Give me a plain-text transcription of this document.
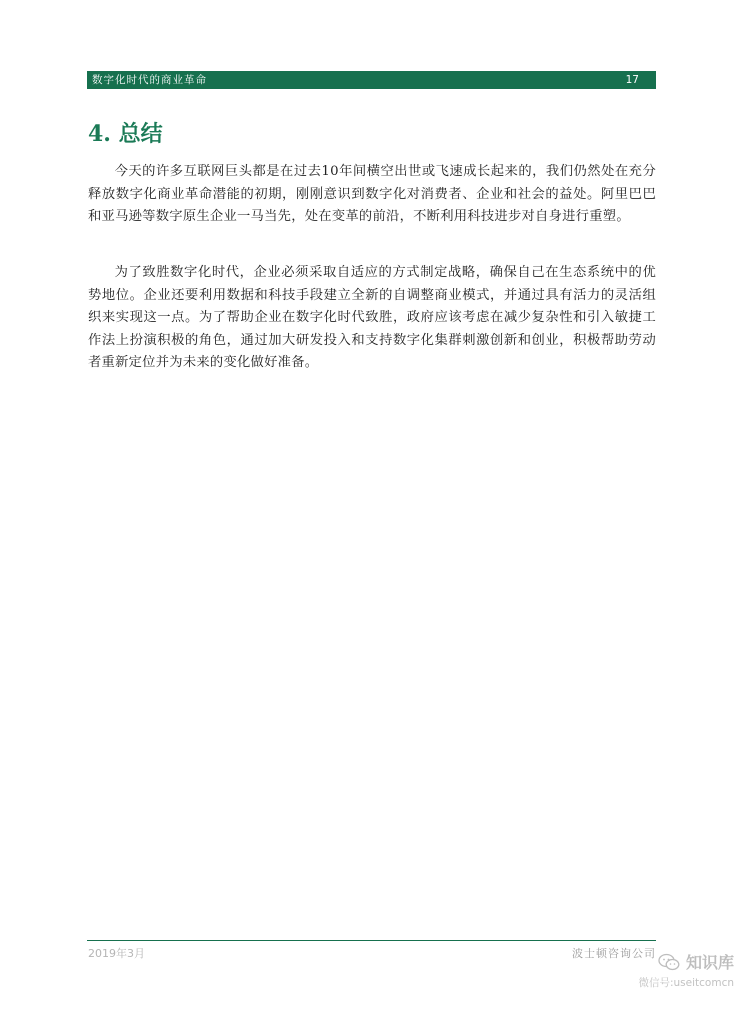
数字化时代的商业革命	17
4. 总结

今天的许多互联网巨头都是在过去10年间横空出世或飞速成长起来的，我们仍然处在充分释放数字化商业革命潜能的初期，刚刚意识到数字化对消费者、企业和社会的益处。阿里巴巴和亚马逊等数字原生企业一马当先，处在变革的前沿，不断利用科技进步对自身进行重塑。

为了致胜数字化时代，企业必须采取自适应的方式制定战略，确保自己在生态系统中的优势地位。企业还要利用数据和科技手段建立全新的自调整商业模式，并通过具有活力的灵活组织来实现这一点。为了帮助企业在数字化时代致胜，政府应该考虑在减少复杂性和引入敏捷工作法上扮演积极的角色，通过加大研发投入和支持数字化集群刺激创新和创业，积极帮助劳动者重新定位并为未来的变化做好准备。

2019年3月	波士顿咨询公司 知识库
微信号:useitcomcn
